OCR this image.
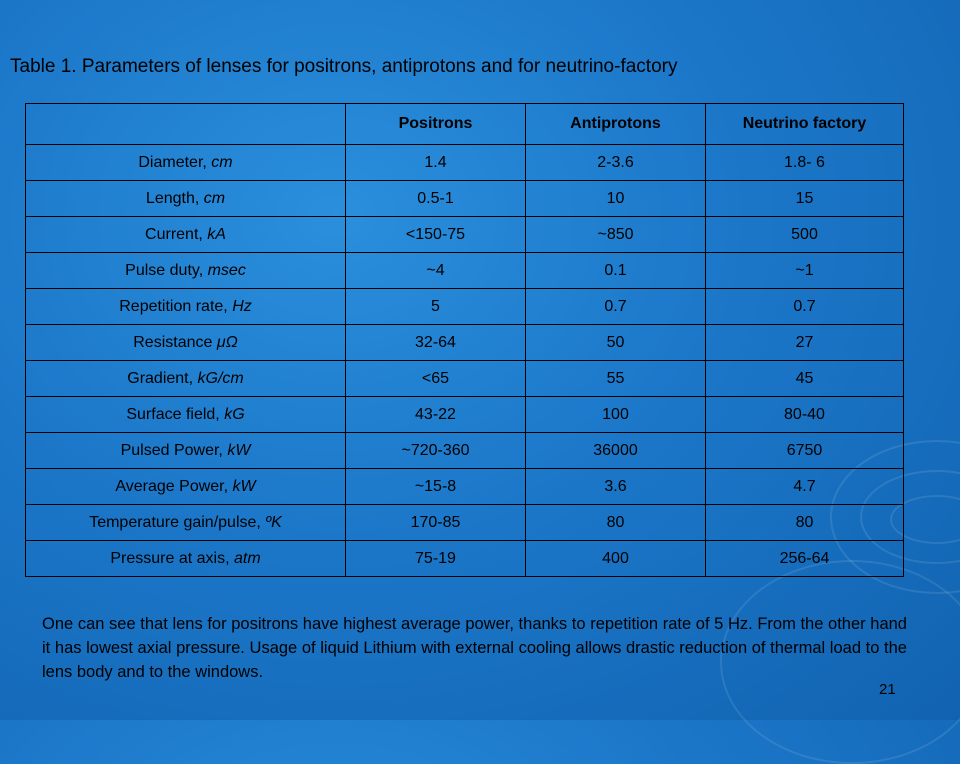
Table 1. Parameters of lenses for positrons, antiprotons and for neutrino-factory
	Positrons	Antiprotons	Neutrino factory
Diameter, cm	1.4	2-3.6	1.8- 6
Length, cm	0.5-1	10	15
Current, kA	<150-75	~850	500
Pulse duty, msec	~4	0.1	~1
Repetition rate, Hz	5	0.7	0.7
Resistance μΩ	32-64	50	27
Gradient, kG/cm	<65	55	45
Surface field, kG	43-22	100	80-40
Pulsed Power, kW	~720-360	36000	6750
Average Power, kW	~15-8	3.6	4.7
Temperature gain/pulse, ºK	170-85	80	80
Pressure at axis, atm	75-19	400	256-64
One can see that lens for positrons have highest average power, thanks to repetition rate of 5 Hz. From the other hand it has lowest axial pressure. Usage of liquid Lithium with external cooling allows drastic reduction of thermal load to the lens body and to the windows.
21
